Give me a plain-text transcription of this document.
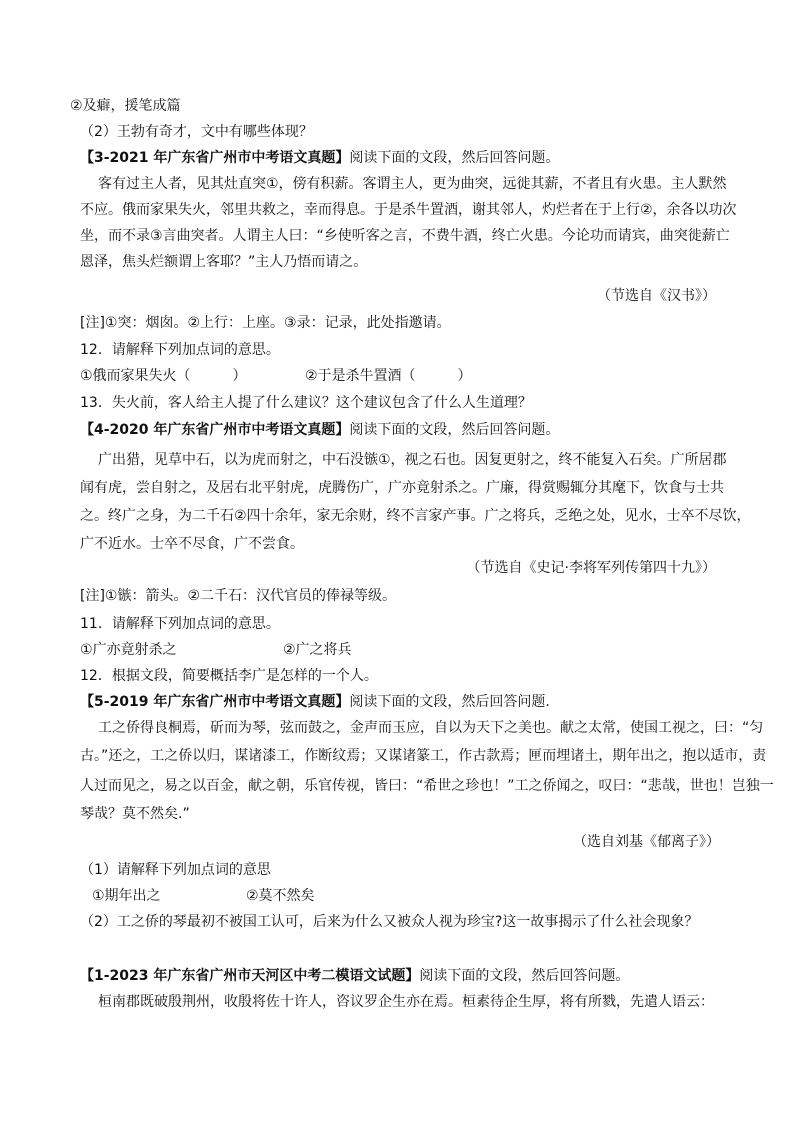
②及癖，援笔成篇
（2）王勃有奇才，文中有哪些体现？
【3-2021 年广东省广州市中考语文真题】阅读下面的文段，然后回答问题。
客有过主人者，见其灶直突①，傍有积薪。客谓主人，更为曲突，远徙其薪，不者且有火患。主人默然
不应。俄而家果失火，邻里共救之，幸而得息。于是杀牛置酒，谢其邻人，灼烂者在于上行②，余各以功次
坐，而不录③言曲突者。人谓主人曰：“乡使听客之言，不费牛酒，终亡火患。今论功而请宾，曲突徙薪亡
恩泽，焦头烂额谓上客耶？”主人乃悟而请之。
（节选自《汉书》）
[注]①突：烟囱。②上行：上座。③录：记录，此处指邀请。
12．请解释下列加点词的意思。
①俄而家果失火（　　　）	②于是杀牛置酒（　　　）
13．失火前，客人给主人提了什么建议？这个建议包含了什么人生道理？
【4-2020 年广东省广州市中考语文真题】阅读下面的文段，然后回答问题。
广出猎，见草中石，以为虎而射之，中石没镞①，视之石也。因复更射之，终不能复入石矣。广所居郡
闻有虎，尝自射之，及居右北平射虎，虎腾伤广，广亦竟射杀之。广廉，得赏赐辄分其麾下，饮食与士共
之。终广之身，为二千石②四十余年，家无余财，终不言家产事。广之将兵，乏绝之处，见水，士卒不尽饮，
广不近水。士卒不尽食，广不尝食。
（节选自《史记·李将军列传第四十九》）
[注]①镞：箭头。②二千石：汉代官员的俸禄等级。
11．请解释下列加点词的意思。
①广亦竟射杀之	②广之将兵
12．根据文段，简要概括李广是怎样的一个人。
【5-2019 年广东省广州市中考语文真题】阅读下面的文段，然后回答问题.
工之侨得良桐焉，斫而为琴，弦而鼓之，金声而玉应，自以为天下之美也。献之太常，使国工视之，曰：“匀
古。”还之，工之侨以归，谋诸漆工，作断纹焉；又谋诸篆工，作古款焉；匣而埋诸土，期年出之，抱以适市，责
人过而见之，易之以百金，献之朝，乐官传视，皆曰：“希世之珍也！”工之侨闻之，叹曰：“悲哉，世也！岂独一
琴哉？莫不然矣.”
（选自刘基《郁离子》）
（1）请解释下列加点词的意思
①期年出之	②莫不然矣
（2）工之侨的琴最初不被国工认可，后来为什么又被众人视为珍宝?这一故事揭示了什么社会现象？
【1-2023 年广东省广州市天河区中考二模语文试题】阅读下面的文段，然后回答问题。
桓南郡既破殷荆州，收殷将佐十许人，咨议罗企生亦在焉。桓素待企生厚，将有所戮，先遣人语云：
